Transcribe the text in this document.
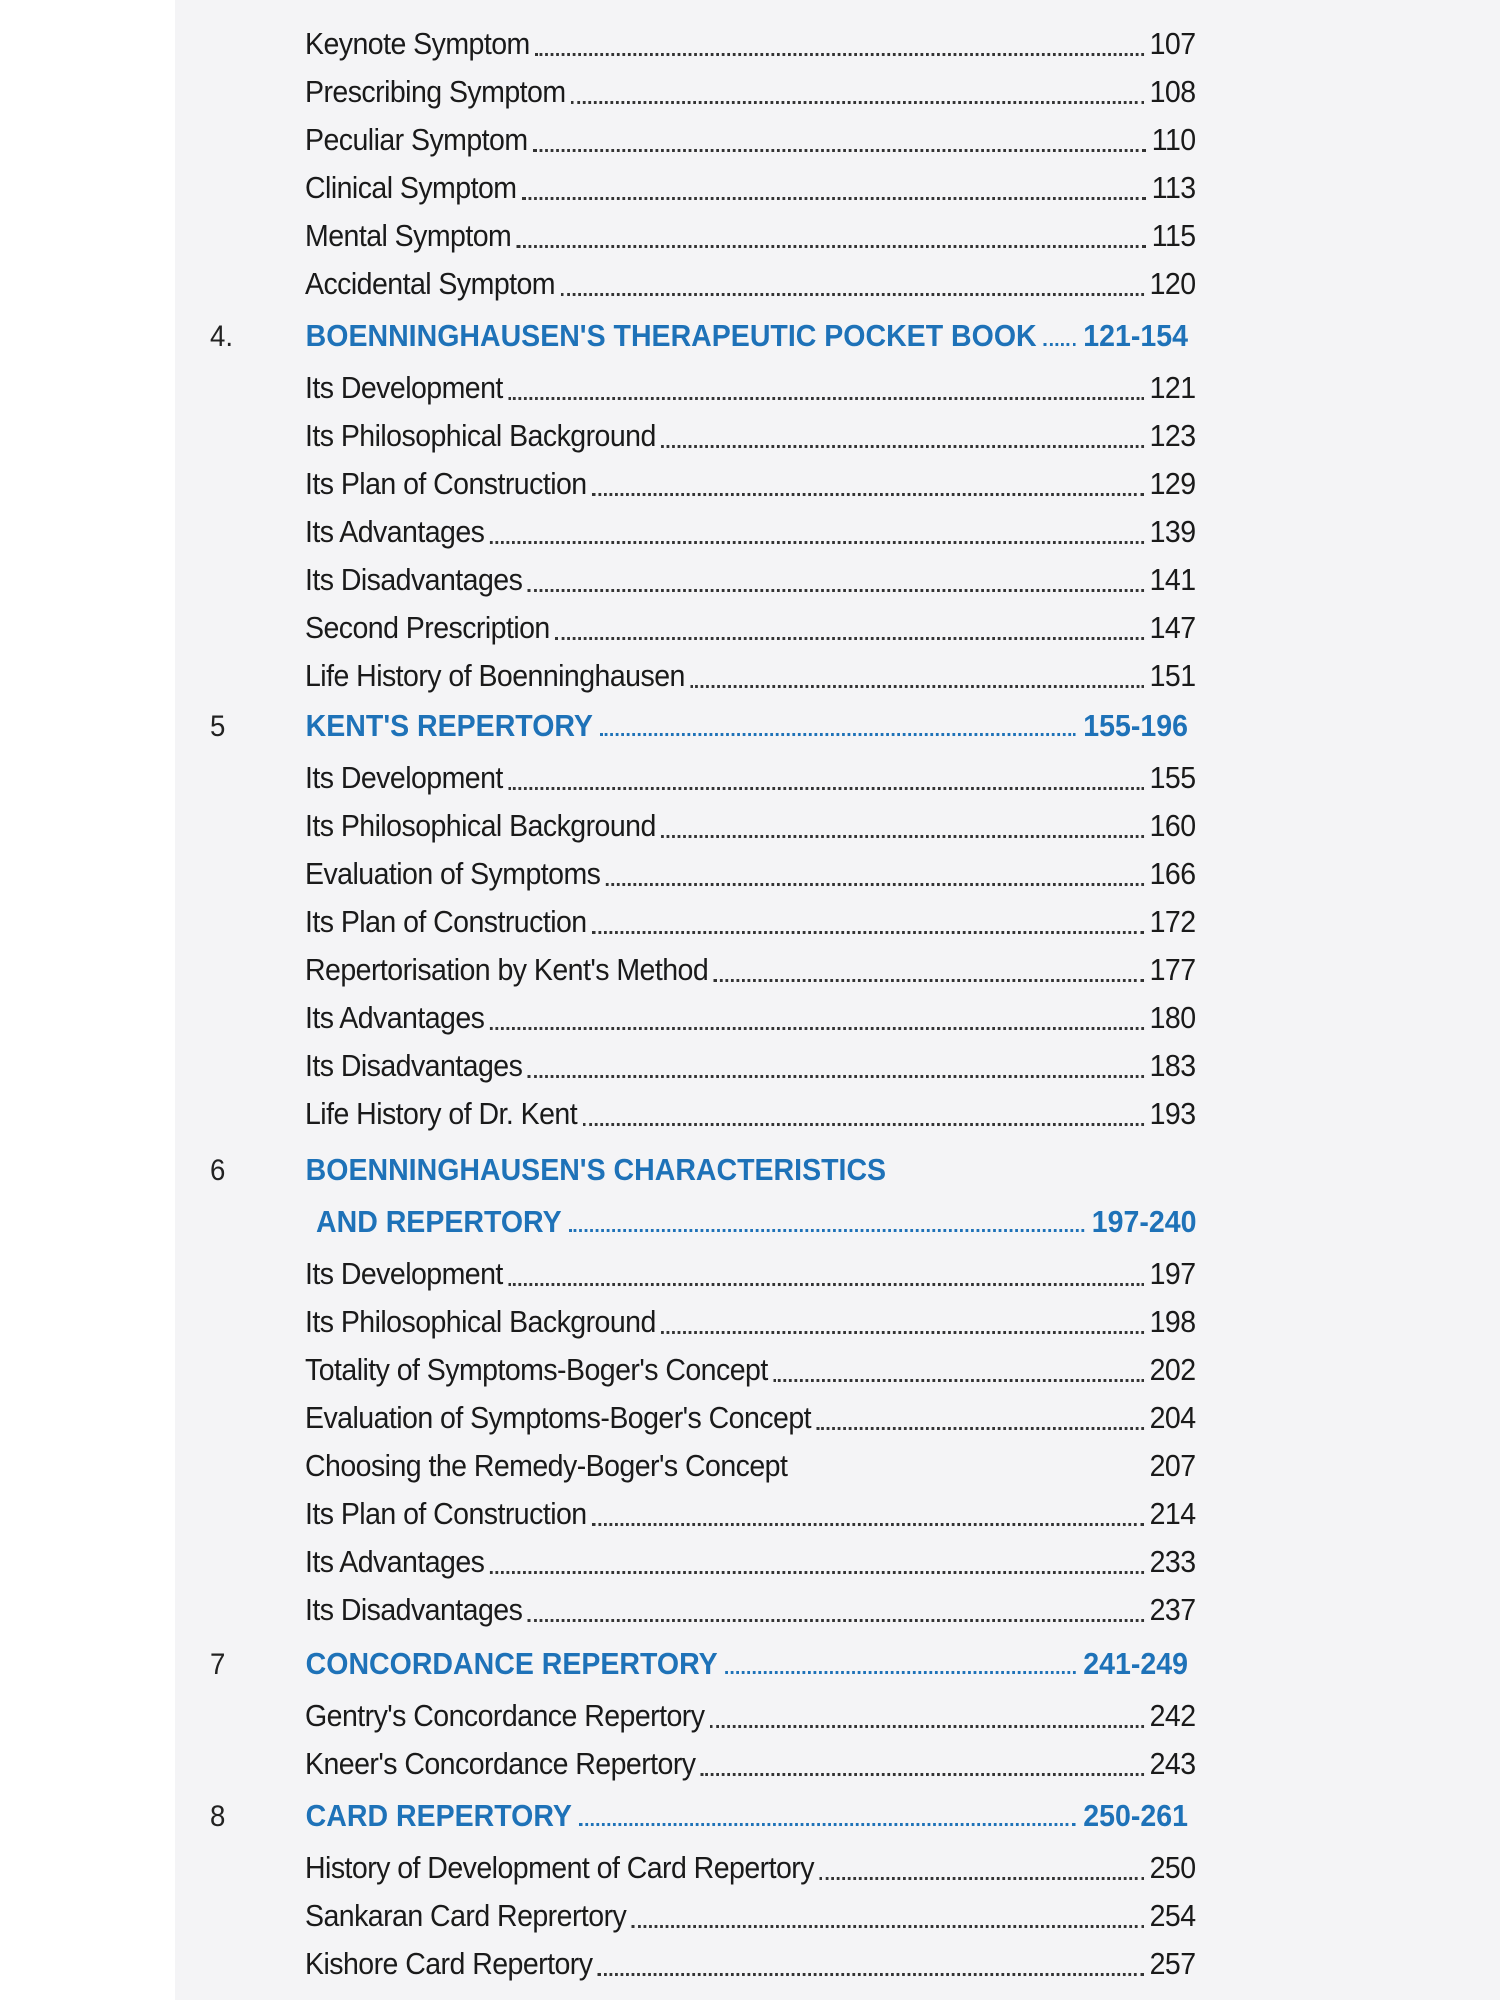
Keynote Symptom	107
Prescribing Symptom	108
Peculiar Symptom	110
Clinical Symptom	113
Mental Symptom	115
Accidental Symptom	120
4.	BOENNINGHAUSEN'S THERAPEUTIC POCKET BOOK 121-154
Its Development	121
Its Philosophical Background	123
Its Plan of Construction	129
Its Advantages	139
Its Disadvantages	141
Second Prescription	147
Life History of Boenninghausen	151
5	KENT'S REPERTORY	155-196
Its Development	155
Its Philosophical Background	160
Evaluation of Symptoms	166
Its Plan of Construction	172
Repertorisation by Kent's Method	177
Its Advantages	180
Its Disadvantages	183
Life History of Dr. Kent	193
6	BOENNINGHAUSEN'S CHARACTERISTICS
AND REPERTORY	197-240
Its Development	197
Its Philosophical Background	198
Totality of Symptoms-Boger's Concept	202
Evaluation of Symptoms-Boger's Concept	204
Choosing the Remedy-Boger's Concept	207
Its Plan of Construction	214
Its Advantages	233
Its Disadvantages	237
7	CONCORDANCE REPERTORY	241-249
Gentry's Concordance Repertory	242
Kneer's Concordance Repertory	243
8	CARD REPERTORY	250-261
History of Development of Card Repertory	250
Sankaran Card Reprertory	254
Kishore Card Repertory	257
